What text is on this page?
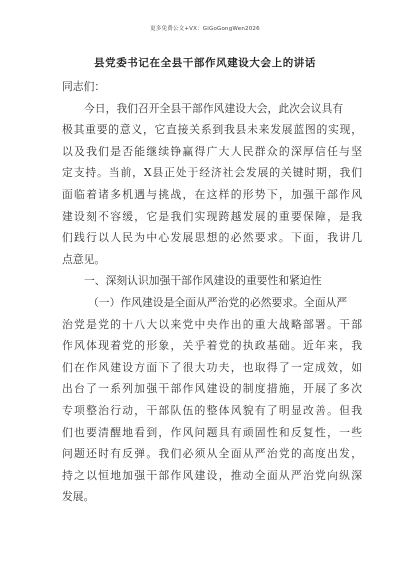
更多免费公文+VX：GiGoGongWen2026
县党委书记在全县干部作风建设大会上的讲话
同志们：
今日，我们召开全县干部作风建设大会，此次会议具有
极其重要的意义，它直接关系到我县未来发展蓝图的实现，
以及我们是否能继续铮赢得广大人民群众的深厚信任与坚
定支持。当前，X县正处于经济社会发展的关键时期，我们
面临着诸多机遇与挑战，在这样的形势下，加强干部作风
建设刻不容缓，它是我们实现跨越发展的重要保障，是我
们践行以人民为中心发展思想的必然要求。下面，我讲几
点意见。
一、深刻认识加强干部作风建设的重要性和紧迫性
（一）作风建设是全面从严治党的必然要求。全面从严
治党是党的十八大以来党中央作出的重大战略部署。干部
作风体现着党的形象，关乎着党的执政基础。近年来，我
们在作风建设方面下了很大功夫，也取得了一定成效，如
出台了一系列加强干部作风建设的制度措施，开展了多次
专项整治行动，干部队伍的整体风貌有了明显改善。但我
们也要清醒地看到，作风问题具有顽固性和反复性，一些
问题还时有反弹。我们必须从全面从严治党的高度出发，
持之以恒地加强干部作风建设，推动全面从严治党向纵深
发展。
